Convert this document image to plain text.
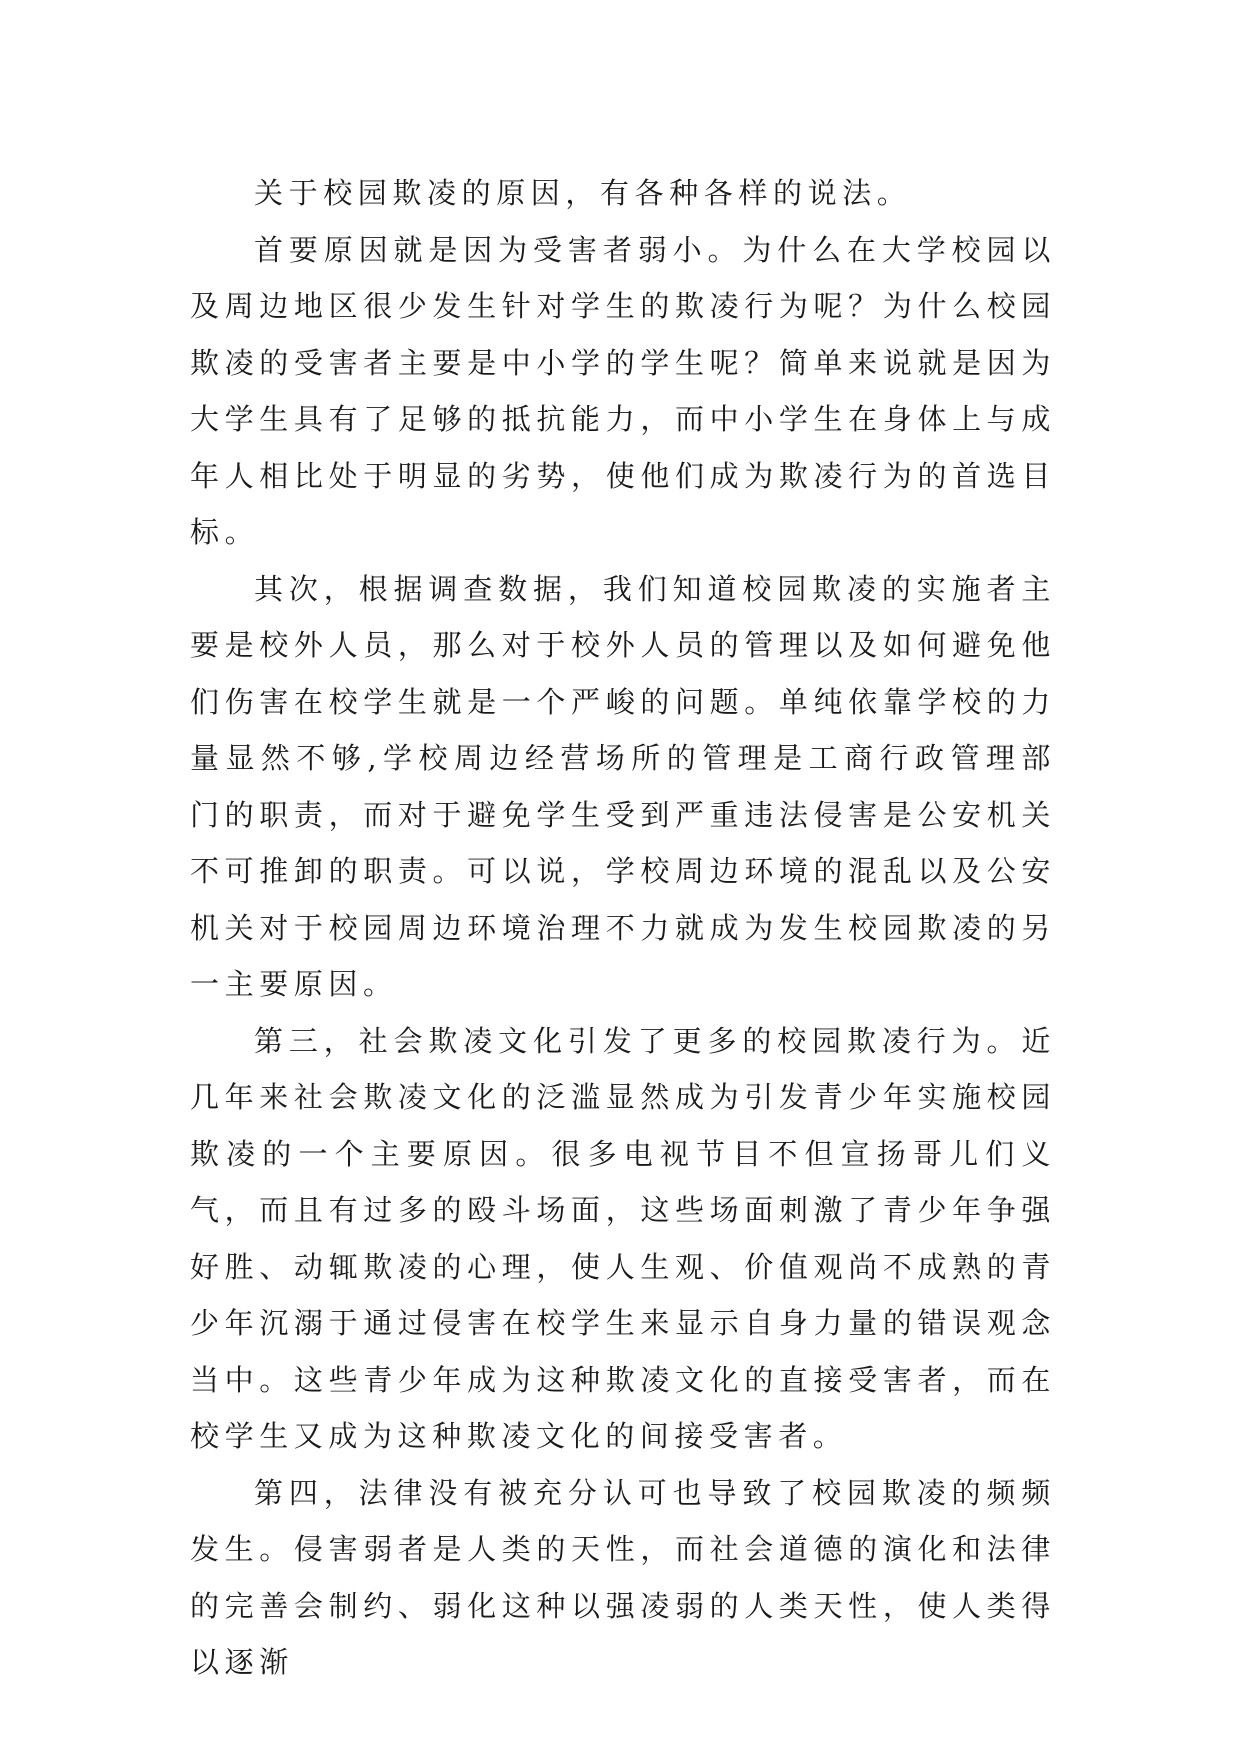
关于校园欺凌的原因，有各种各样的说法。

首要原因就是因为受害者弱小。为什么在大学校园以及周边地区很少发生针对学生的欺凌行为呢？为什么校园欺凌的受害者主要是中小学的学生呢？简单来说就是因为大学生具有了足够的抵抗能力，而中小学生在身体上与成年人相比处于明显的劣势，使他们成为欺凌行为的首选目标。

其次，根据调查数据，我们知道校园欺凌的实施者主要是校外人员，那么对于校外人员的管理以及如何避免他们伤害在校学生就是一个严峻的问题。单纯依靠学校的力量显然不够,学校周边经营场所的管理是工商行政管理部门的职责，而对于避免学生受到严重违法侵害是公安机关不可推卸的职责。可以说，学校周边环境的混乱以及公安机关对于校园周边环境治理不力就成为发生校园欺凌的另一主要原因。

第三，社会欺凌文化引发了更多的校园欺凌行为。近几年来社会欺凌文化的泛滥显然成为引发青少年实施校园欺凌的一个主要原因。很多电视节目不但宣扬哥儿们义气，而且有过多的殴斗场面，这些场面刺激了青少年争强好胜、动辄欺凌的心理，使人生观、价值观尚不成熟的青少年沉溺于通过侵害在校学生来显示自身力量的错误观念当中。这些青少年成为这种欺凌文化的直接受害者，而在校学生又成为这种欺凌文化的间接受害者。

第四，法律没有被充分认可也导致了校园欺凌的频频发生。侵害弱者是人类的天性，而社会道德的演化和法律的完善会制约、弱化这种以强凌弱的人类天性，使人类得以逐渐
